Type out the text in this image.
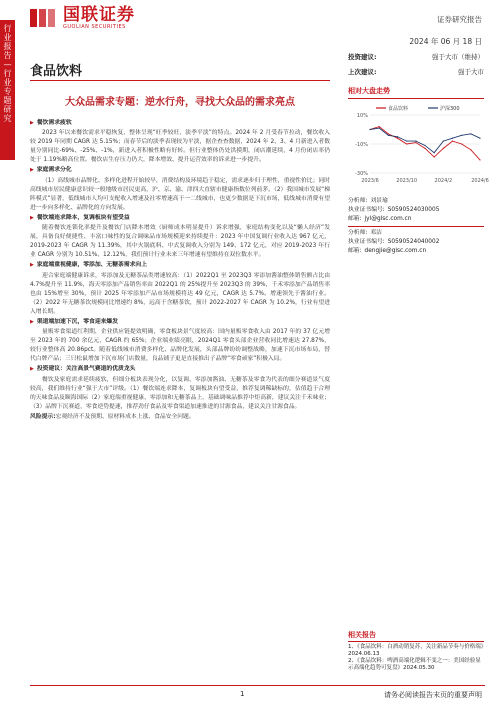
行
业
报
告
—
行
业
专
题
研
究
国联证券
GUOLIAN SECURITIES
证券研究报告
2024 年 06 月 18 日
投资建议:	强于大市（维持）
上次建议:	强于大市
食品饮料
大众品需求专题：逆水行舟，寻找大众品的需求亮点
▶ 餐饮需求疲软

2023 年以来餐饮需求平稳恢复，整体呈现“旺季较旺，淡季平淡”的特点。2024 年 2 月受春节拉动，餐饮收入较 2019 年同期 CAGR 达 5.15%；而春节后的淡季表现较为平淡，据企查查数据，2024 年 2、3、4 月新进入者数量分别同比-69%、-25%、-1%，新进入者积极性略有好转。但行业整体仍处洪摸期，闭店潮延续，4 月份闭店率仍处于 1.19%略高位置。餐饮店生存压力仍大，降本增效、提升运营效率的诉求进一步提升。

▶ 家庭需求分化

（1）高线城市品牌化、多样化进程开始较早，消费结构及环境趋于稳定，需求逐步归于理性，重视性价比；同时高线城市居民健康意识较一般地级市居民更高，沪、京、渝、津四大直辖市健康指数位列前茅。（2）我国城市发展“梯阵模式”显著，低线城市人均可支配收入增速及社零增速高于一二线城市，也更少数据是下沉市场，低线城市消费有望进一步向多样化、品牌化的方向发展。

▶ 餐饮端连求降本，复调板块有望受益

随着餐饮连锁化率提升及餐饮门店降本增效（厨师成本明显提升）诉求增强，家庭结构变化以及“懒人经济”发展，具备良好便捷性、丰富口味性的复合调味品市场规模迎来持续提升：2023 年中国复调行业收入达 967 亿元，2019-2023 年 CAGR 为 11.39%，其中火锅底料、中式复调收入分别为 149、172 亿元，对应 2019-2023 年行业 CAGR 分别为 10.51%、12.12%，我们预计行业未来三年增速有望维持在双位数水平。

▶ 家庭端重视健康，零添加、无糖茶需求向上

迎合家庭端健康诉求，零添加及无糖茶品类增速较高：（1）2022Q1 至 2023Q3 零添加酱油整体销售额占比由 4.7%提升至 11.9%，海天零添加产品销售率由 2022Q1 的 25%提升至 2023Q3 的 39%，千禾零添加产品销售率也由 15%增至 30%，预计 2025 年零添加产品市场规模将达 49 亿元，CAGR 达 5.7%。增速领先于酱油行业。（2）2022 年无糖茶饮规模同比增速约 8%，远高于含糖茶饮，预计 2022-2027 年 CAGR 为 10.2%，行业有望进入增长期。

▶ 渠道端加速下沉，零食迎来爆发

量贩零食渠道红利期，企业供应链提效明确，零食板块景气度较高：国内量贩零食收入由 2017 年的 37 亿元增至 2023 年的 700 余亿元，CAGR 约 65%；企业端业绩亮眼，2024Q1 零食头部企业营收同比增速达 27.87%，较行业整体高 20.86pct。随着低线城市消费多样化、品牌化发展，头部品牌纷纷调整战略，加速下沉市场布局，替代白牌产品；三只松鼠增加下沉市场门店数量，良品铺子更是直接推出子品牌“零食顽家”积极入局。

▶ 投资建议：关注高景气赛道的优质龙头

餐饮及家庭需求延续疲软，但细分板块表现分化，以复调、零添加酱油、无糖茶及零食为代表的细分赛道景气度较高，我们维持行业“强于大市”评级。（1）餐饮端连求降本，复调板块有望受益，推荐复调稀缺标的，估值趋于合理的天味食品及颐海国际（2）家庭端重视健康，零添加和无糖茶品上，基础调味品推荐中炬高新，建议关注千禾味业；（3）品牌下沉赛道，零食逆势提速，推荐劲仔食品及零食渠道加速推进的甘源食品，建议关注甘源食品。

风险提示:宏观经济不及预期、原材料成本上涨、食品安全问题。
相对大盘走势
10%
-10%
-30%
2023/6	2023/10	2024/2	2024/6
食品饮料	沪深300
分析师: 刘景瑜
执业证书编号: S0590524030005
邮箱: jyl@glsc.com.cn
分析师: 邓洁
执业证书编号: S0590524040002
邮箱: dengjie@glsc.com.cn
相关报告
1、《食品饮料：白酒动销复苏，关注新品节奏与价格端》2024.06.13
2、《食品饮料：啤酒高端化逻辑不变之一：美国经验显示高端化趋势可复盘》2024.05.30
1	请务必阅读报告末页的重要声明
